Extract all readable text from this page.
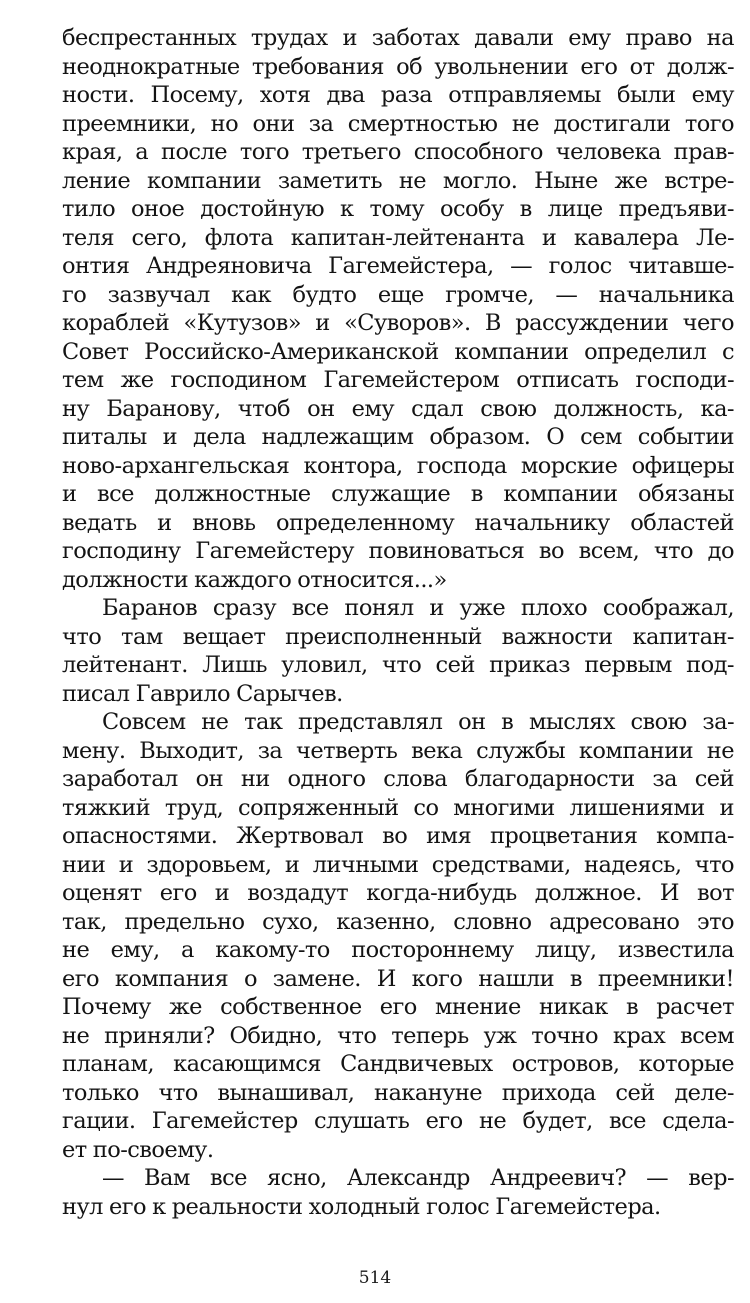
беспрестанных трудах и заботах давали ему право на
неоднократные требования об увольнении его от долж-
ности. Посему, хотя два раза отправляемы были ему
преемники, но они за смертностью не достигали того
края, а после того третьего способного человека прав-
ление компании заметить не могло. Ныне же встре-
тило оное достойную к тому особу в лице предъяви-
теля сего, флота капитан-лейтенанта и кавалера Ле-
онтия Андреяновича Гагемейстера, — голос читавше-
го зазвучал как будто еще громче, — начальника
кораблей «Кутузов» и «Суворов». В рассуждении чего
Совет Российско-Американской компании определил с
тем же господином Гагемейстером отписать господи-
ну Баранову, чтоб он ему сдал свою должность, ка-
питалы и дела надлежащим образом. О сем событии
ново-архангельская контора, господа морские офицеры
и все должностные служащие в компании обязаны
ведать и вновь определенному начальнику областей
господину Гагемейстеру повиноваться во всем, что до
должности каждого относится...»
Баранов сразу все понял и уже плохо соображал,
что там вещает преисполненный важности капитан-
лейтенант. Лишь уловил, что сей приказ первым под-
писал Гаврило Сарычев.
Совсем не так представлял он в мыслях свою за-
мену. Выходит, за четверть века службы компании не
заработал он ни одного слова благодарности за сей
тяжкий труд, сопряженный со многими лишениями и
опасностями. Жертвовал во имя процветания компа-
нии и здоровьем, и личными средствами, надеясь, что
оценят его и воздадут когда-нибудь должное. И вот
так, предельно сухо, казенно, словно адресовано это
не ему, а какому-то постороннему лицу, известила
его компания о замене. И кого нашли в преемники!
Почему же собственное его мнение никак в расчет
не приняли? Обидно, что теперь уж точно крах всем
планам, касающимся Сандвичевых островов, которые
только что вынашивал, накануне прихода сей деле-
гации. Гагемейстер слушать его не будет, все сдела-
ет по-своему.
— Вам все ясно, Александр Андреевич? — вер-
нул его к реальности холодный голос Гагемейстера.
514
